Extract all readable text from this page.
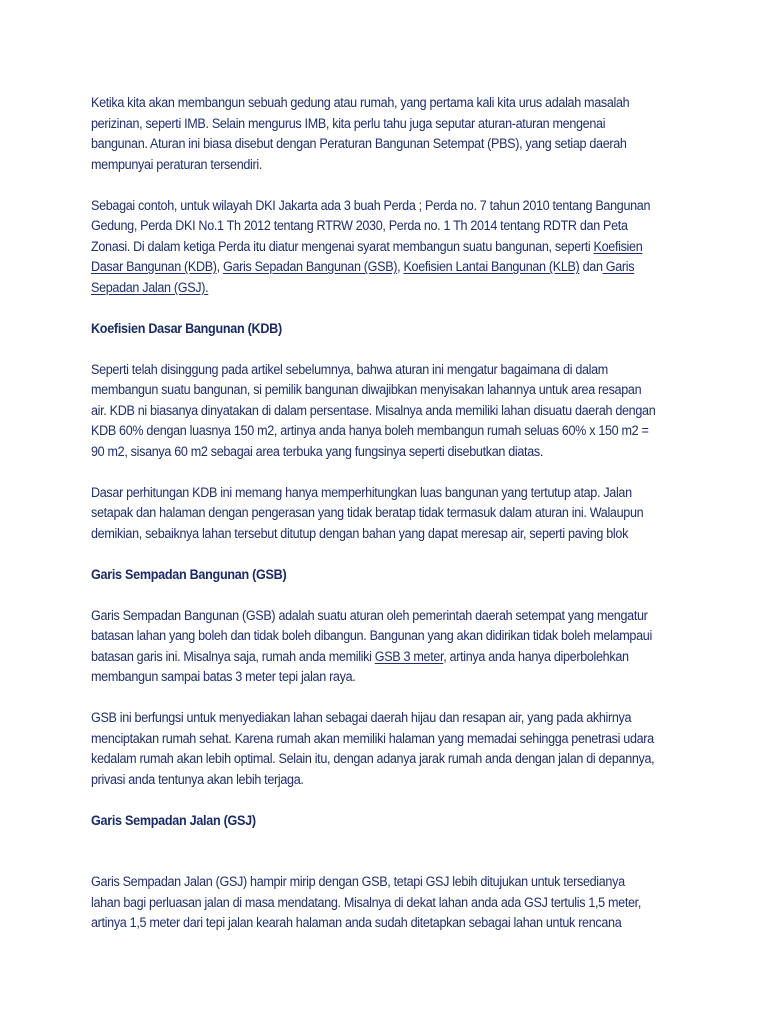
Ketika kita akan membangun sebuah gedung atau rumah, yang pertama kali kita urus adalah masalah
perizinan, seperti IMB. Selain mengurus IMB, kita perlu tahu juga seputar aturan-aturan mengenai
bangunan. Aturan ini biasa disebut dengan Peraturan Bangunan Setempat (PBS), yang setiap daerah
mempunyai peraturan tersendiri.

Sebagai contoh, untuk wilayah DKI Jakarta ada 3 buah Perda ; Perda no. 7 tahun 2010 tentang Bangunan
Gedung, Perda DKI No.1 Th 2012 tentang RTRW 2030, Perda no. 1 Th 2014 tentang RDTR dan Peta
Zonasi. Di dalam ketiga Perda itu diatur mengenai syarat membangun suatu bangunan, seperti Koefisien
Dasar Bangunan (KDB), Garis Sepadan Bangunan (GSB), Koefisien Lantai Bangunan (KLB) dan Garis
Sepadan Jalan (GSJ).

Koefisien Dasar Bangunan (KDB)

Seperti telah disinggung pada artikel sebelumnya, bahwa aturan ini mengatur bagaimana di dalam
membangun suatu bangunan, si pemilik bangunan diwajibkan menyisakan lahannya untuk area resapan
air. KDB ni biasanya dinyatakan di dalam persentase. Misalnya anda memiliki lahan disuatu daerah dengan
KDB 60% dengan luasnya 150 m2, artinya anda hanya boleh membangun rumah seluas 60% x 150 m2 =
90 m2, sisanya 60 m2 sebagai area terbuka yang fungsinya seperti disebutkan diatas.

Dasar perhitungan KDB ini memang hanya memperhitungkan luas bangunan yang tertutup atap. Jalan
setapak dan halaman dengan pengerasan yang tidak beratap tidak termasuk dalam aturan ini. Walaupun
demikian, sebaiknya lahan tersebut ditutup dengan bahan yang dapat meresap air, seperti paving blok

Garis Sempadan Bangunan (GSB)

Garis Sempadan Bangunan (GSB) adalah suatu aturan oleh pemerintah daerah setempat yang mengatur
batasan lahan yang boleh dan tidak boleh dibangun. Bangunan yang akan didirikan tidak boleh melampaui
batasan garis ini. Misalnya saja, rumah anda memiliki GSB 3 meter, artinya anda hanya diperbolehkan
membangun sampai batas 3 meter tepi jalan raya.

GSB ini berfungsi untuk menyediakan lahan sebagai daerah hijau dan resapan air, yang pada akhirnya
menciptakan rumah sehat. Karena rumah akan memiliki halaman yang memadai sehingga penetrasi udara
kedalam rumah akan lebih optimal. Selain itu, dengan adanya jarak rumah anda dengan jalan di depannya,
privasi anda tentunya akan lebih terjaga.

Garis Sempadan Jalan (GSJ)

Garis Sempadan Jalan (GSJ) hampir mirip dengan GSB, tetapi GSJ lebih ditujukan untuk tersedianya
lahan bagi perluasan jalan di masa mendatang. Misalnya di dekat lahan anda ada GSJ tertulis 1,5 meter,
artinya 1,5 meter dari tepi jalan kearah halaman anda sudah ditetapkan sebagai lahan untuk rencana
